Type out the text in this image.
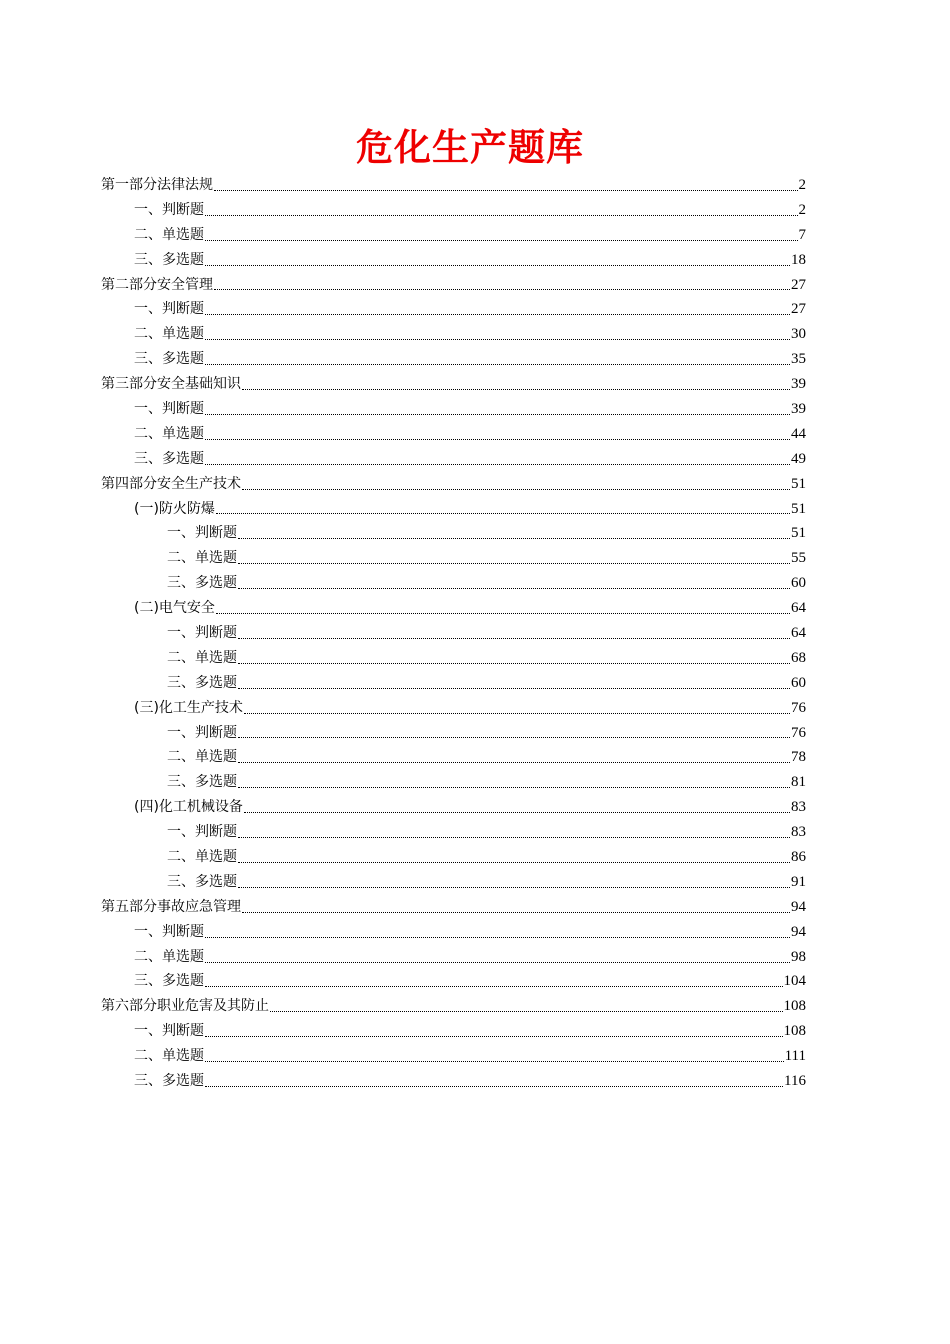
危化生产题库
第一部分法律法规	2
一、判断题	2
二、单选题	7
三、多选题	18
第二部分安全管理	27
一、判断题	27
二、单选题	30
三、多选题	35
第三部分安全基础知识	39
一、判断题	39
二、单选题	44
三、多选题	49
第四部分安全生产技术	51
(一)防火防爆	51
一、判断题	51
二、单选题	55
三、多选题	60
(二)电气安全	64
一、判断题	64
二、单选题	68
三、多选题	60
(三)化工生产技术	76
一、判断题	76
二、单选题	78
三、多选题	81
(四)化工机械设备	83
一、判断题	83
二、单选题	86
三、多选题	91
第五部分事故应急管理	94
一、判断题	94
二、单选题	98
三、多选题	104
第六部分职业危害及其防止	108
一、判断题	108
二、单选题	111
三、多选题	116
